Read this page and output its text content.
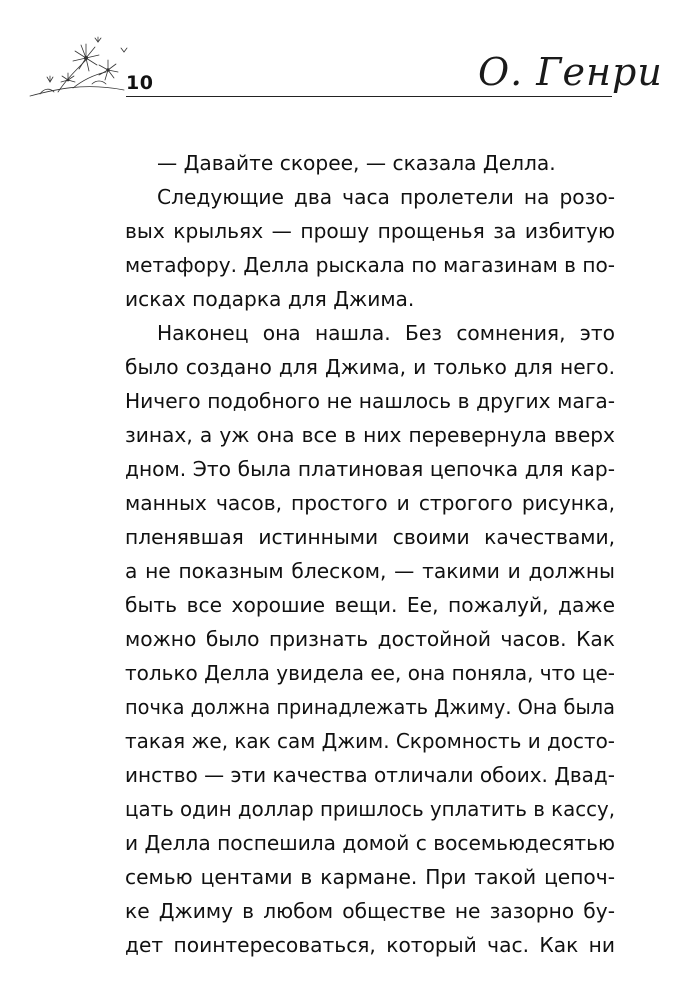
10	О. Генри
— Давайте скорее, — сказала Делла.
Следующие два часа пролетели на розо-
вых крыльях — прошу прощенья за избитую
метафору. Делла рыскала по магазинам в по-
исках подарка для Джима.
Наконец она нашла. Без сомнения, это
было создано для Джима, и только для него.
Ничего подобного не нашлось в других мага-
зинах, а уж она все в них перевернула вверх
дном. Это была платиновая цепочка для кар-
манных часов, простого и строгого рисунка,
пленявшая истинными своими качествами,
а не показным блеском, — такими и должны
быть все хорошие вещи. Ее, пожалуй, даже
можно было признать достойной часов. Как
только Делла увидела ее, она поняла, что це-
почка должна принадлежать Джиму. Она была
такая же, как сам Джим. Скромность и досто-
инство — эти качества отличали обоих. Двад-
цать один доллар пришлось уплатить в кассу,
и Делла поспешила домой с восемьюдесятью
семью центами в кармане. При такой цепоч-
ке Джиму в любом обществе не зазорно бу-
дет поинтересоваться, который час. Как ни
